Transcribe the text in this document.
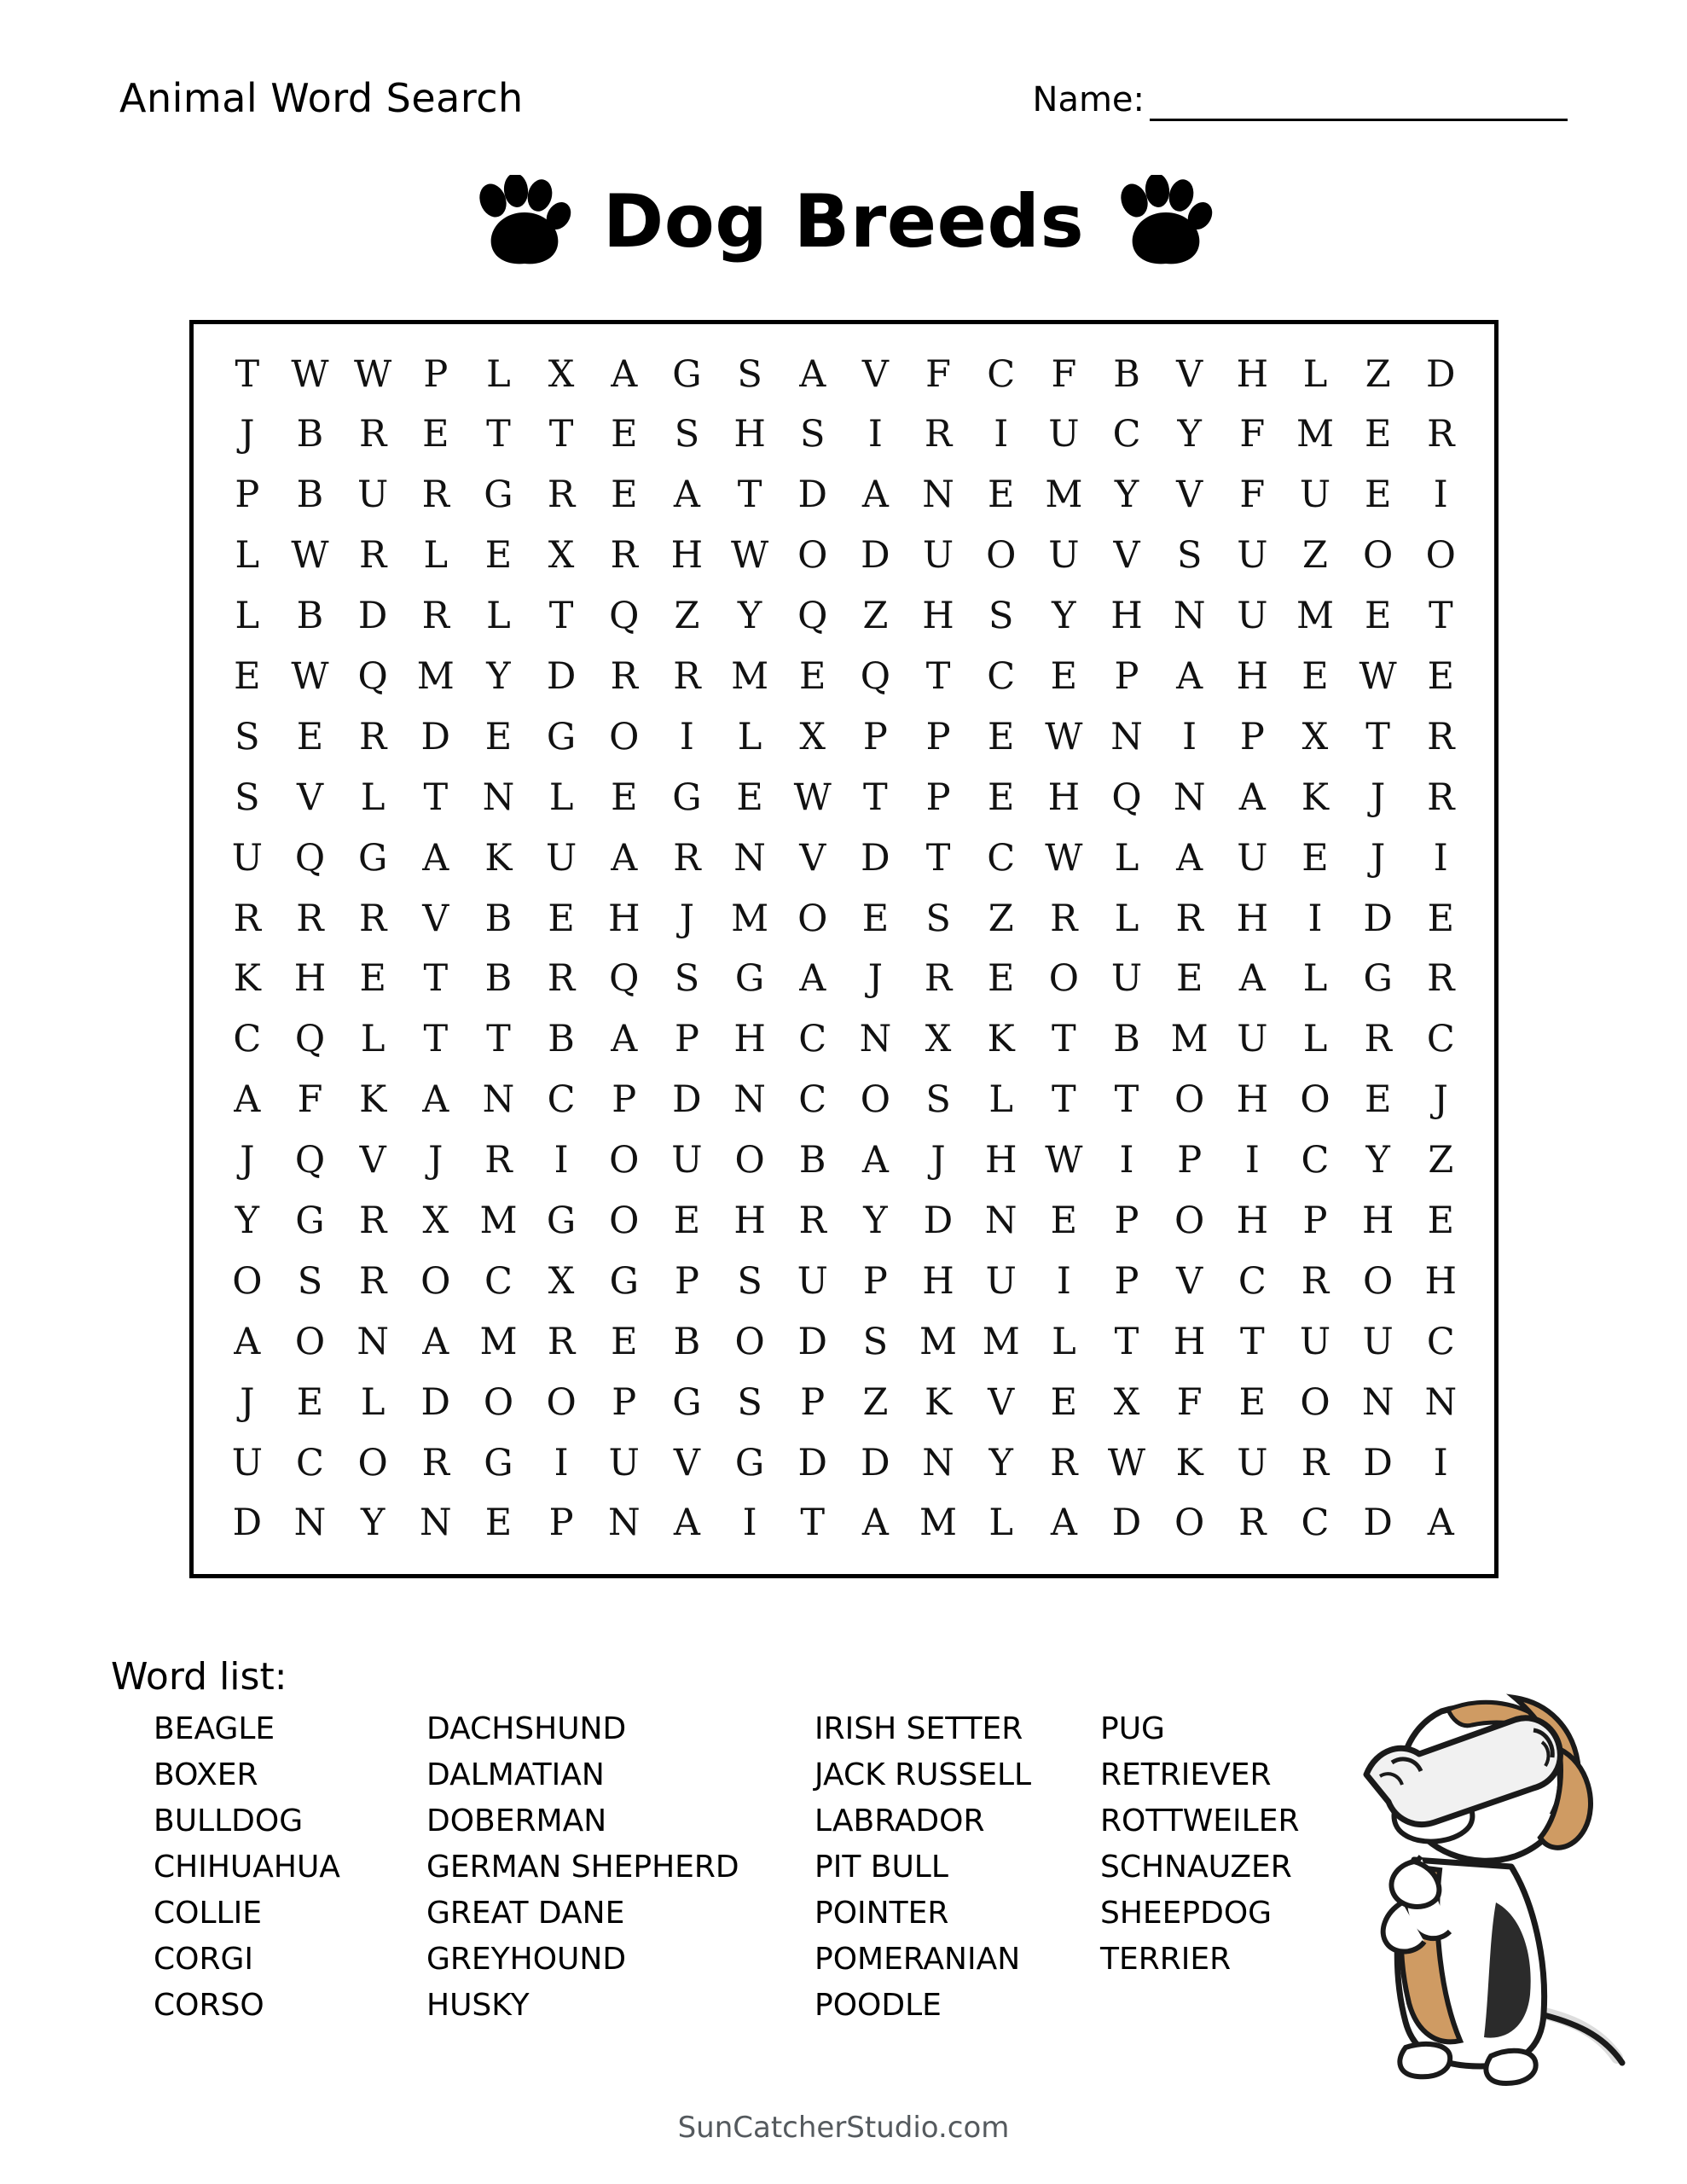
Animal Word Search	Name:
Dog Breeds
T W W P	L	X A G S	A V	F C F B V H L	Z D
J	B R E	T	T	E	S H S	I	R	I	U C	Y	F M E R
P	B U R G R E A	T D A N E M Y	V	F U E	I
L W R	L	E X R H W O D U O U V	S U Z O O
L	B D R	L	T Q Z	Y Q Z H S	Y H N U M E	T
E W Q M Y D R R M E Q T C E	P	A H E W E
S	E R D E G O	I	L	X	P	P	E W N	I	P	X	T	R
S	V	L	T N L	E G E W T	P	E H Q N A K	J	R
U Q G A K U A R N V D T C W L	A U E	J	I
R R R V B E H	J	M O E	S	Z R	L	R H	I	D E
K H E	T	B R Q S G A	J	R E O U E A	L G R
C Q L	T	T	B A	P H C N X K	T	B M U L	R C
A	F K A N C P D N C O S	L	T	T O H O E	J
J	Q V	J	R	I	O U O B A	J	H W	I	P	I	C	Y	Z
Y G R X M G O E H R	Y D N E	P O H P H E
O S R O C X G P	S U P H U	I	P	V C R O H
A O N A M R E B O D S M M L	T H T U U C
J	E	L D O O P G S	P	Z K V E X	F	E O N N
U C O R G	I	U V G D D N Y	R W K U R D	I
D N Y N E	P N A	I	T	A M L	A D O R C D A
Word list:
BEAGLE
BOXER
BULLDOG
CHIHUAHUA
COLLIE
CORGI
CORSO
DACHSHUND
DALMATIAN
DOBERMAN
GERMAN SHEPHERD
GREAT DANE
GREYHOUND
HUSKY
IRISH SETTER
JACK RUSSELL
LABRADOR
PIT BULL
POINTER
POMERANIAN
POODLE
PUG
RETRIEVER
ROTTWEILER
SCHNAUZER
SHEEPDOG
TERRIER
SunCatcherStudio.com
